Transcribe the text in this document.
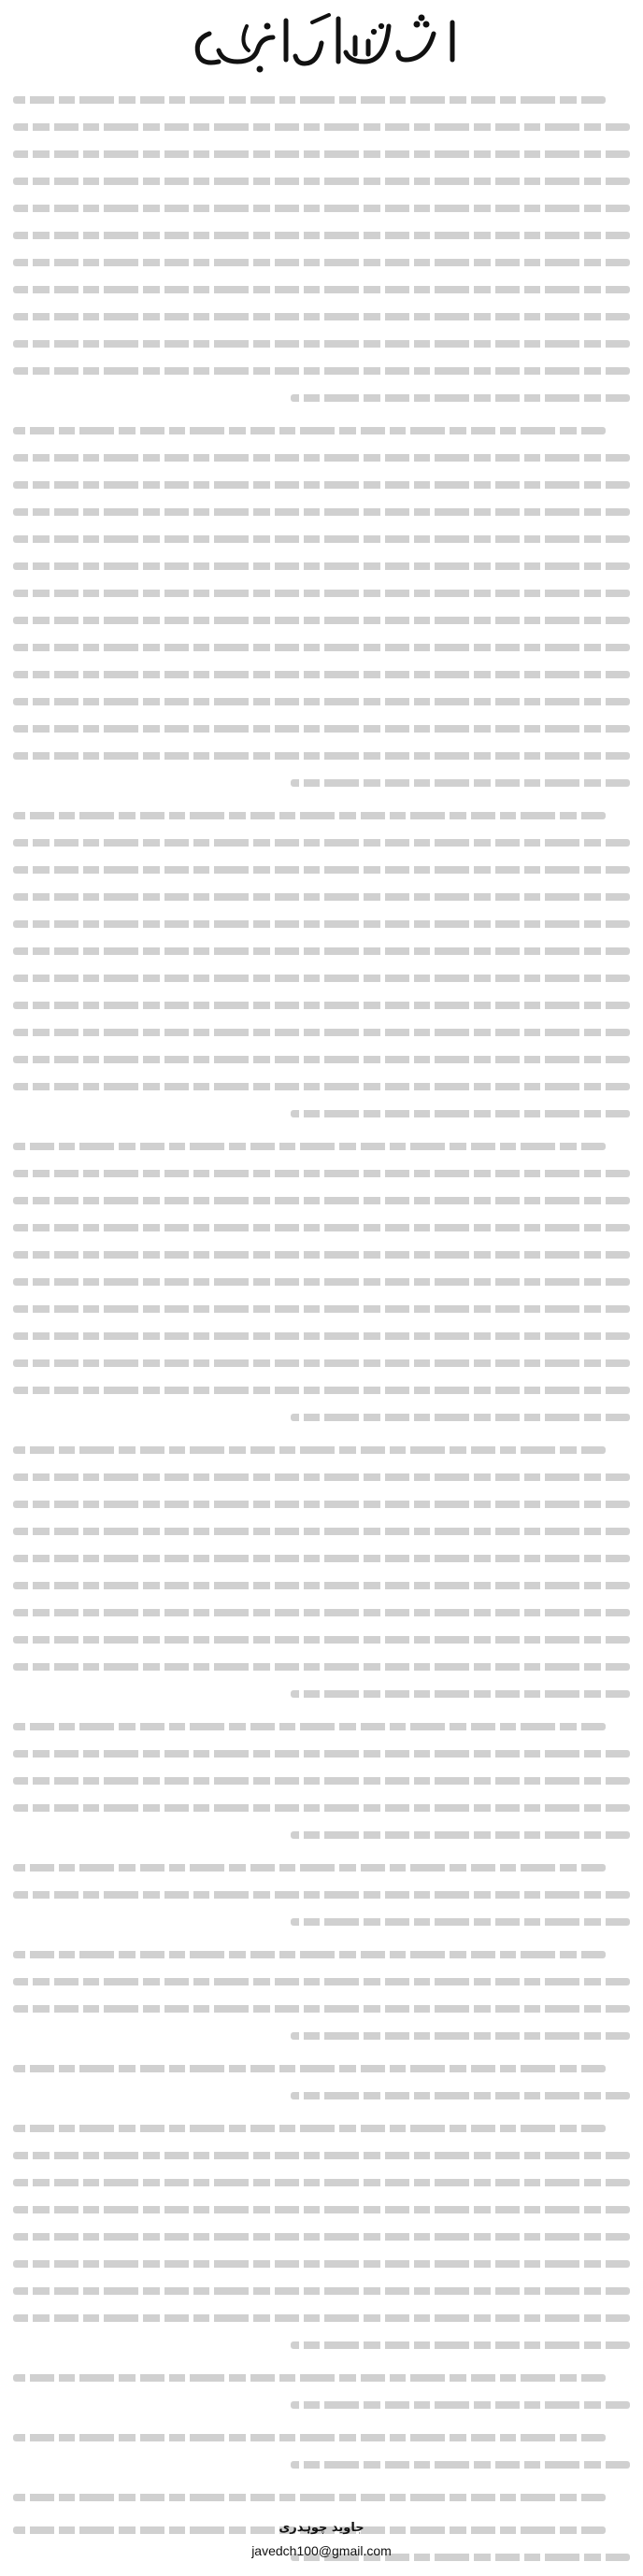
جاوید چوہدری
javedch100@gmail.com
